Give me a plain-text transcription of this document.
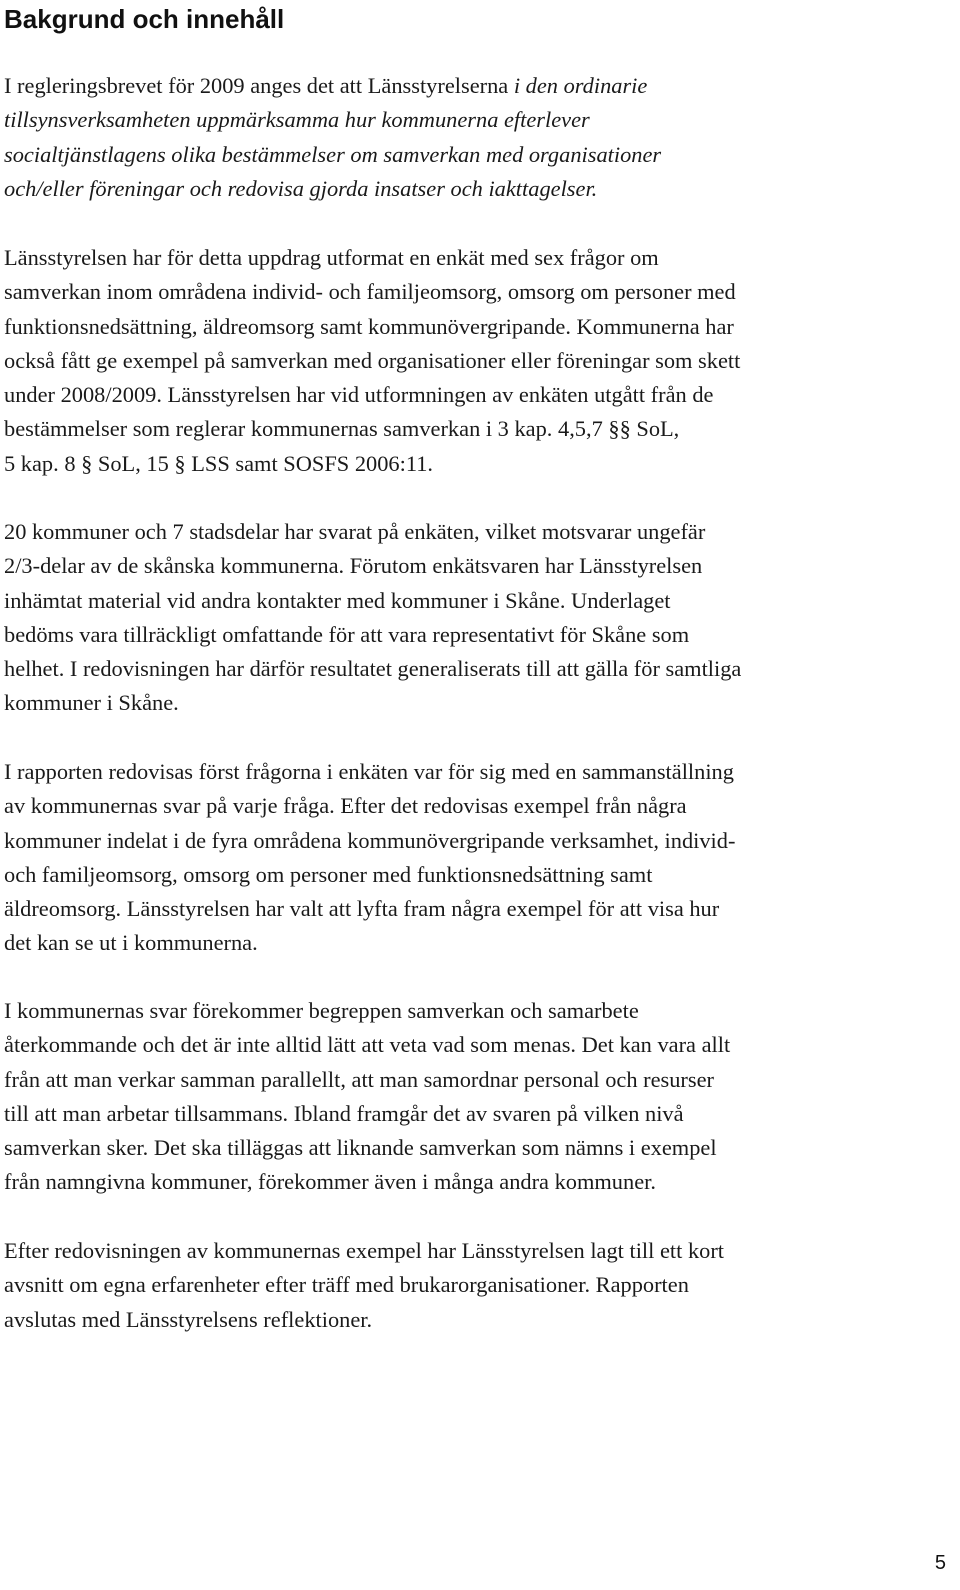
Bakgrund och innehåll

I regleringsbrevet för 2009 anges det att Länsstyrelserna i den ordinarie
tillsynsverksamheten uppmärksamma hur kommunerna efterlever
socialtjänstlagens olika bestämmelser om samverkan med organisationer
och/eller föreningar och redovisa gjorda insatser och iakttagelser.

Länsstyrelsen har för detta uppdrag utformat en enkät med sex frågor om
samverkan inom områdena individ- och familjeomsorg, omsorg om personer med
funktionsnedsättning, äldreomsorg samt kommunövergripande. Kommunerna har
också fått ge exempel på samverkan med organisationer eller föreningar som skett
under 2008/2009. Länsstyrelsen har vid utformningen av enkäten utgått från de
bestämmelser som reglerar kommunernas samverkan i 3 kap. 4,5,7 §§ SoL,
5 kap. 8 § SoL, 15 § LSS samt SOSFS 2006:11.

20 kommuner och 7 stadsdelar har svarat på enkäten, vilket motsvarar ungefär
2/3-delar av de skånska kommunerna. Förutom enkätsvaren har Länsstyrelsen
inhämtat material vid andra kontakter med kommuner i Skåne. Underlaget
bedöms vara tillräckligt omfattande för att vara representativt för Skåne som
helhet. I redovisningen har därför resultatet generaliserats till att gälla för samtliga
kommuner i Skåne.

I rapporten redovisas först frågorna i enkäten var för sig med en sammanställning
av kommunernas svar på varje fråga. Efter det redovisas exempel från några
kommuner indelat i de fyra områdena kommunövergripande verksamhet, individ-
och familjeomsorg, omsorg om personer med funktionsnedsättning samt
äldreomsorg. Länsstyrelsen har valt att lyfta fram några exempel för att visa hur
det kan se ut i kommunerna.

I kommunernas svar förekommer begreppen samverkan och samarbete
återkommande och det är inte alltid lätt att veta vad som menas. Det kan vara allt
från att man verkar samman parallellt, att man samordnar personal och resurser
till att man arbetar tillsammans. Ibland framgår det av svaren på vilken nivå
samverkan sker. Det ska tilläggas att liknande samverkan som nämns i exempel
från namngivna kommuner, förekommer även i många andra kommuner.

Efter redovisningen av kommunernas exempel har Länsstyrelsen lagt till ett kort
avsnitt om egna erfarenheter efter träff med brukarorganisationer. Rapporten
avslutas med Länsstyrelsens reflektioner.

5
